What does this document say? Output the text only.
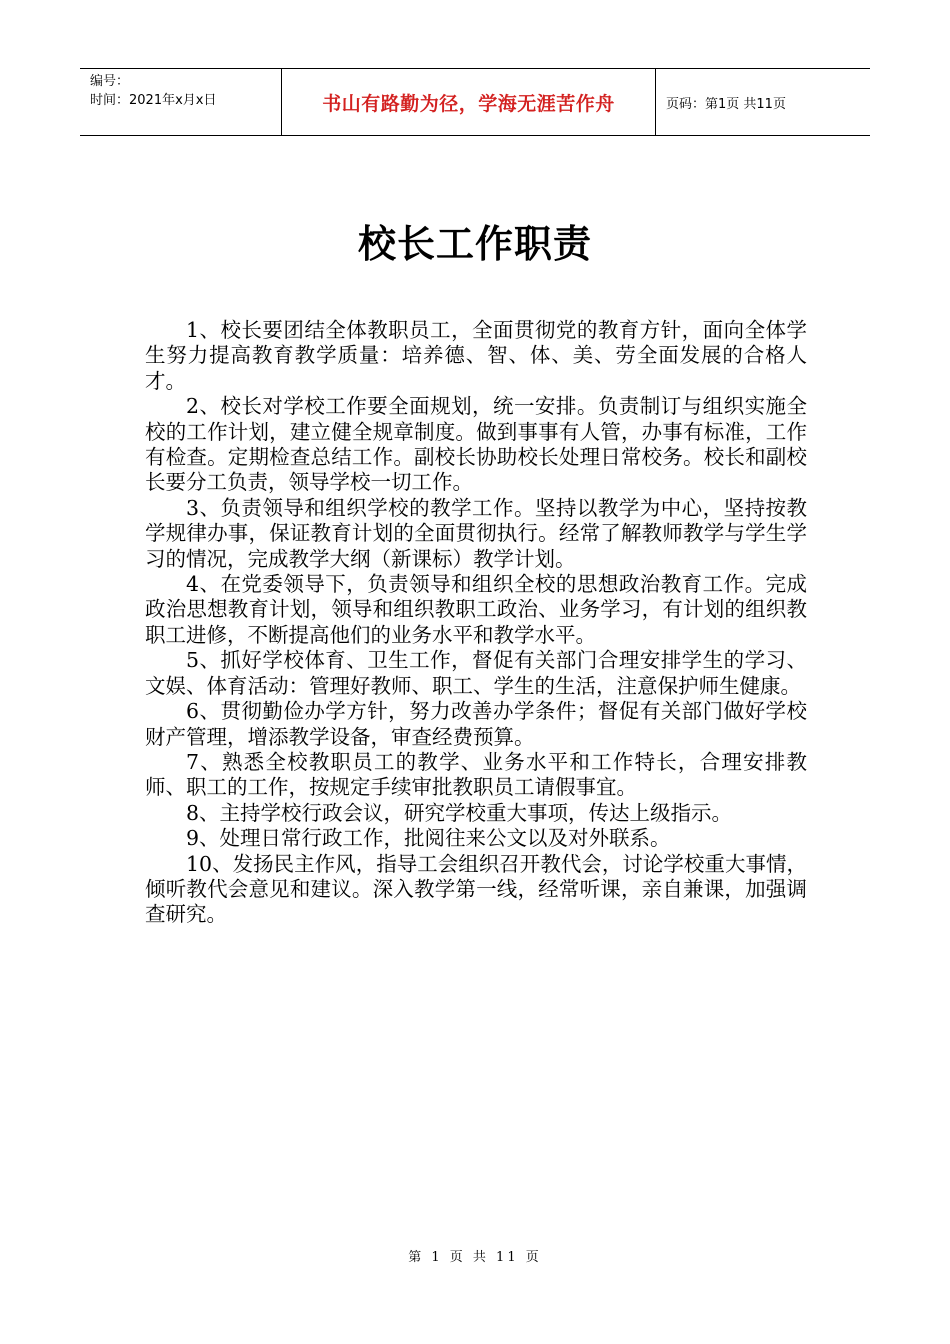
编号：
时间：2021年x月x日	书山有路勤为径，学海无涯苦作舟	页码：第1页 共11页
校长工作职责

1、校长要团结全体教职员工，全面贯彻党的教育方针，面向全体学生努力提高教育教学质量：培养德、智、体、美、劳全面发展的合格人才。

2、校长对学校工作要全面规划，统一安排。负责制订与组织实施全校的工作计划，建立健全规章制度。做到事事有人管，办事有标准，工作有检查。定期检查总结工作。副校长协助校长处理日常校务。校长和副校长要分工负责，领导学校一切工作。

3、负责领导和组织学校的教学工作。坚持以教学为中心，坚持按教学规律办事，保证教育计划的全面贯彻执行。经常了解教师教学与学生学习的情况，完成教学大纲（新课标）教学计划。

4、在党委领导下，负责领导和组织全校的思想政治教育工作。完成政治思想教育计划，领导和组织教职工政治、业务学习，有计划的组织教职工进修，不断提高他们的业务水平和教学水平。

5、抓好学校体育、卫生工作，督促有关部门合理安排学生的学习、文娱、体育活动：管理好教师、职工、学生的生活，注意保护师生健康。

6、贯彻勤俭办学方针，努力改善办学条件；督促有关部门做好学校财产管理，增添教学设备，审查经费预算。

7、熟悉全校教职员工的教学、业务水平和工作特长，合理安排教师、职工的工作，按规定手续审批教职员工请假事宜。

8、主持学校行政会议，研究学校重大事项，传达上级指示。

9、处理日常行政工作，批阅往来公文以及对外联系。

10、发扬民主作风，指导工会组织召开教代会，讨论学校重大事情，倾听教代会意见和建议。深入教学第一线，经常听课，亲自兼课，加强调查研究。

第 1 页 共 11 页
